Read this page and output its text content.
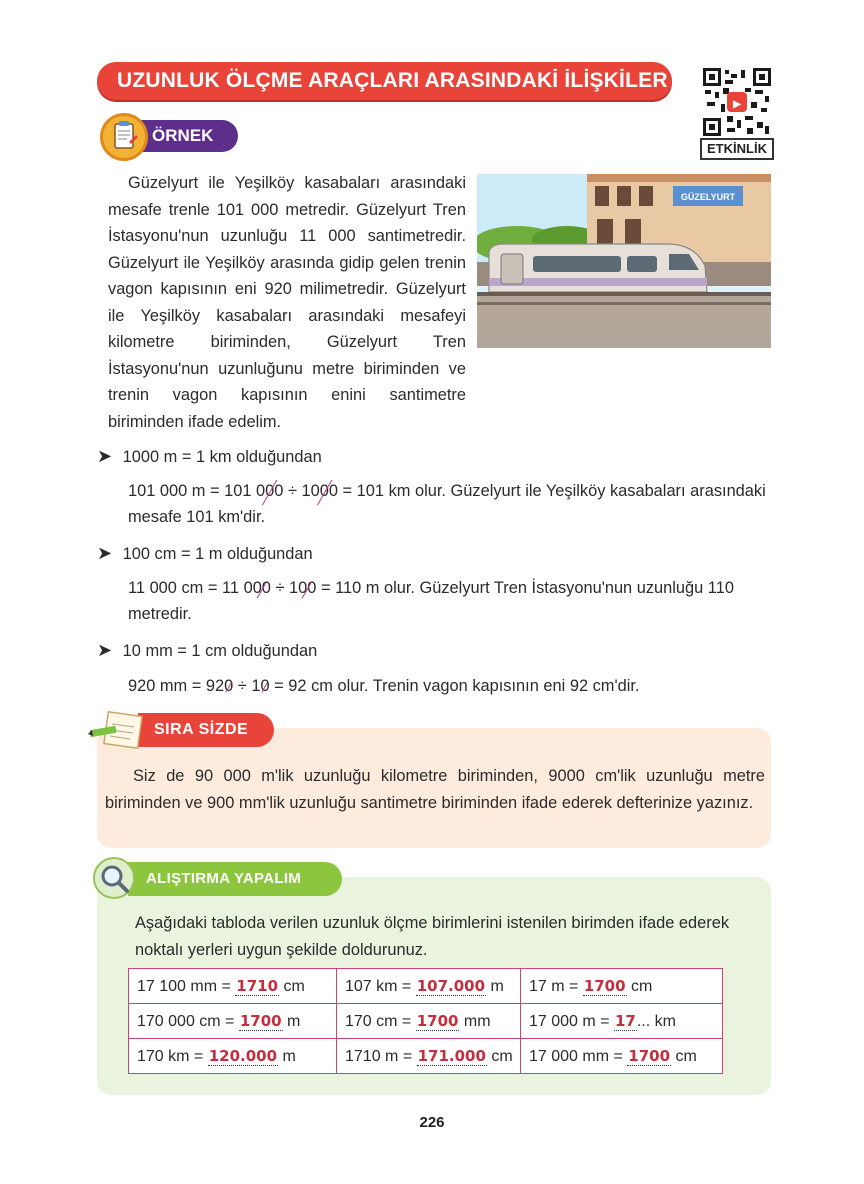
UZUNLUK ÖLÇME ARAÇLARI ARASINDAKİ İLİŞKİLER
▶
ETKİNLİK
ÖRNEK
Güzelyurt ile Yeşilköy kasabaları arasındaki mesafe trenle 101 000 metredir. Güzelyurt Tren İstasyonu'nun uzunluğu 11 000 santimetredir. Güzelyurt ile Yeşilköy arasında gidip gelen trenin vagon kapısının eni 920 milimetredir. Güzelyurt ile Yeşilköy kasabaları arasındaki mesafeyi kilometre biriminden, Güzelyurt Tren İstasyonu'nun uzunluğunu metre biriminden ve trenin vagon kapısının enini santimetre biriminden ifade edelim.
GÜZELYURT
➤ 1000 m = 1 km olduğundan
101 000 m = 101 000 ÷ 1000 = 101 km olur. Güzelyurt ile Yeşilköy kasabaları arasındaki mesafe 101 km'dir.
➤ 100 cm = 1 m olduğundan
11 000 cm = 11 000 ÷ 100 = 110 m olur. Güzelyurt Tren İstasyonu'nun uzunluğu 110 metredir.
➤ 10 mm = 1 cm olduğundan
920 mm = 920 ÷ 10 = 92 cm olur. Trenin vagon kapısının eni 92 cm'dir.
SIRA SİZDE
Siz de 90 000 m'lik uzunluğu kilometre biriminden, 9000 cm'lik uzunluğu metre biriminden ve 900 mm'lik uzunluğu santimetre biriminden ifade ederek defterinize yazınız.
ALIŞTIRMA YAPALIM
Aşağıdaki tabloda verilen uzunluk ölçme birimlerini istenilen birimden ifade ederek noktalı yerleri uygun şekilde doldurunuz.
17 100 mm = 1710 cm	107 km = 107.000 m	17 m = 1700 cm
170 000 cm = 1700 m	170 cm = 1700 mm	17 000 m = 17... km
170 km = 120.000 m	1710 m = 171.000 cm	17 000 mm = 1700 cm
226
